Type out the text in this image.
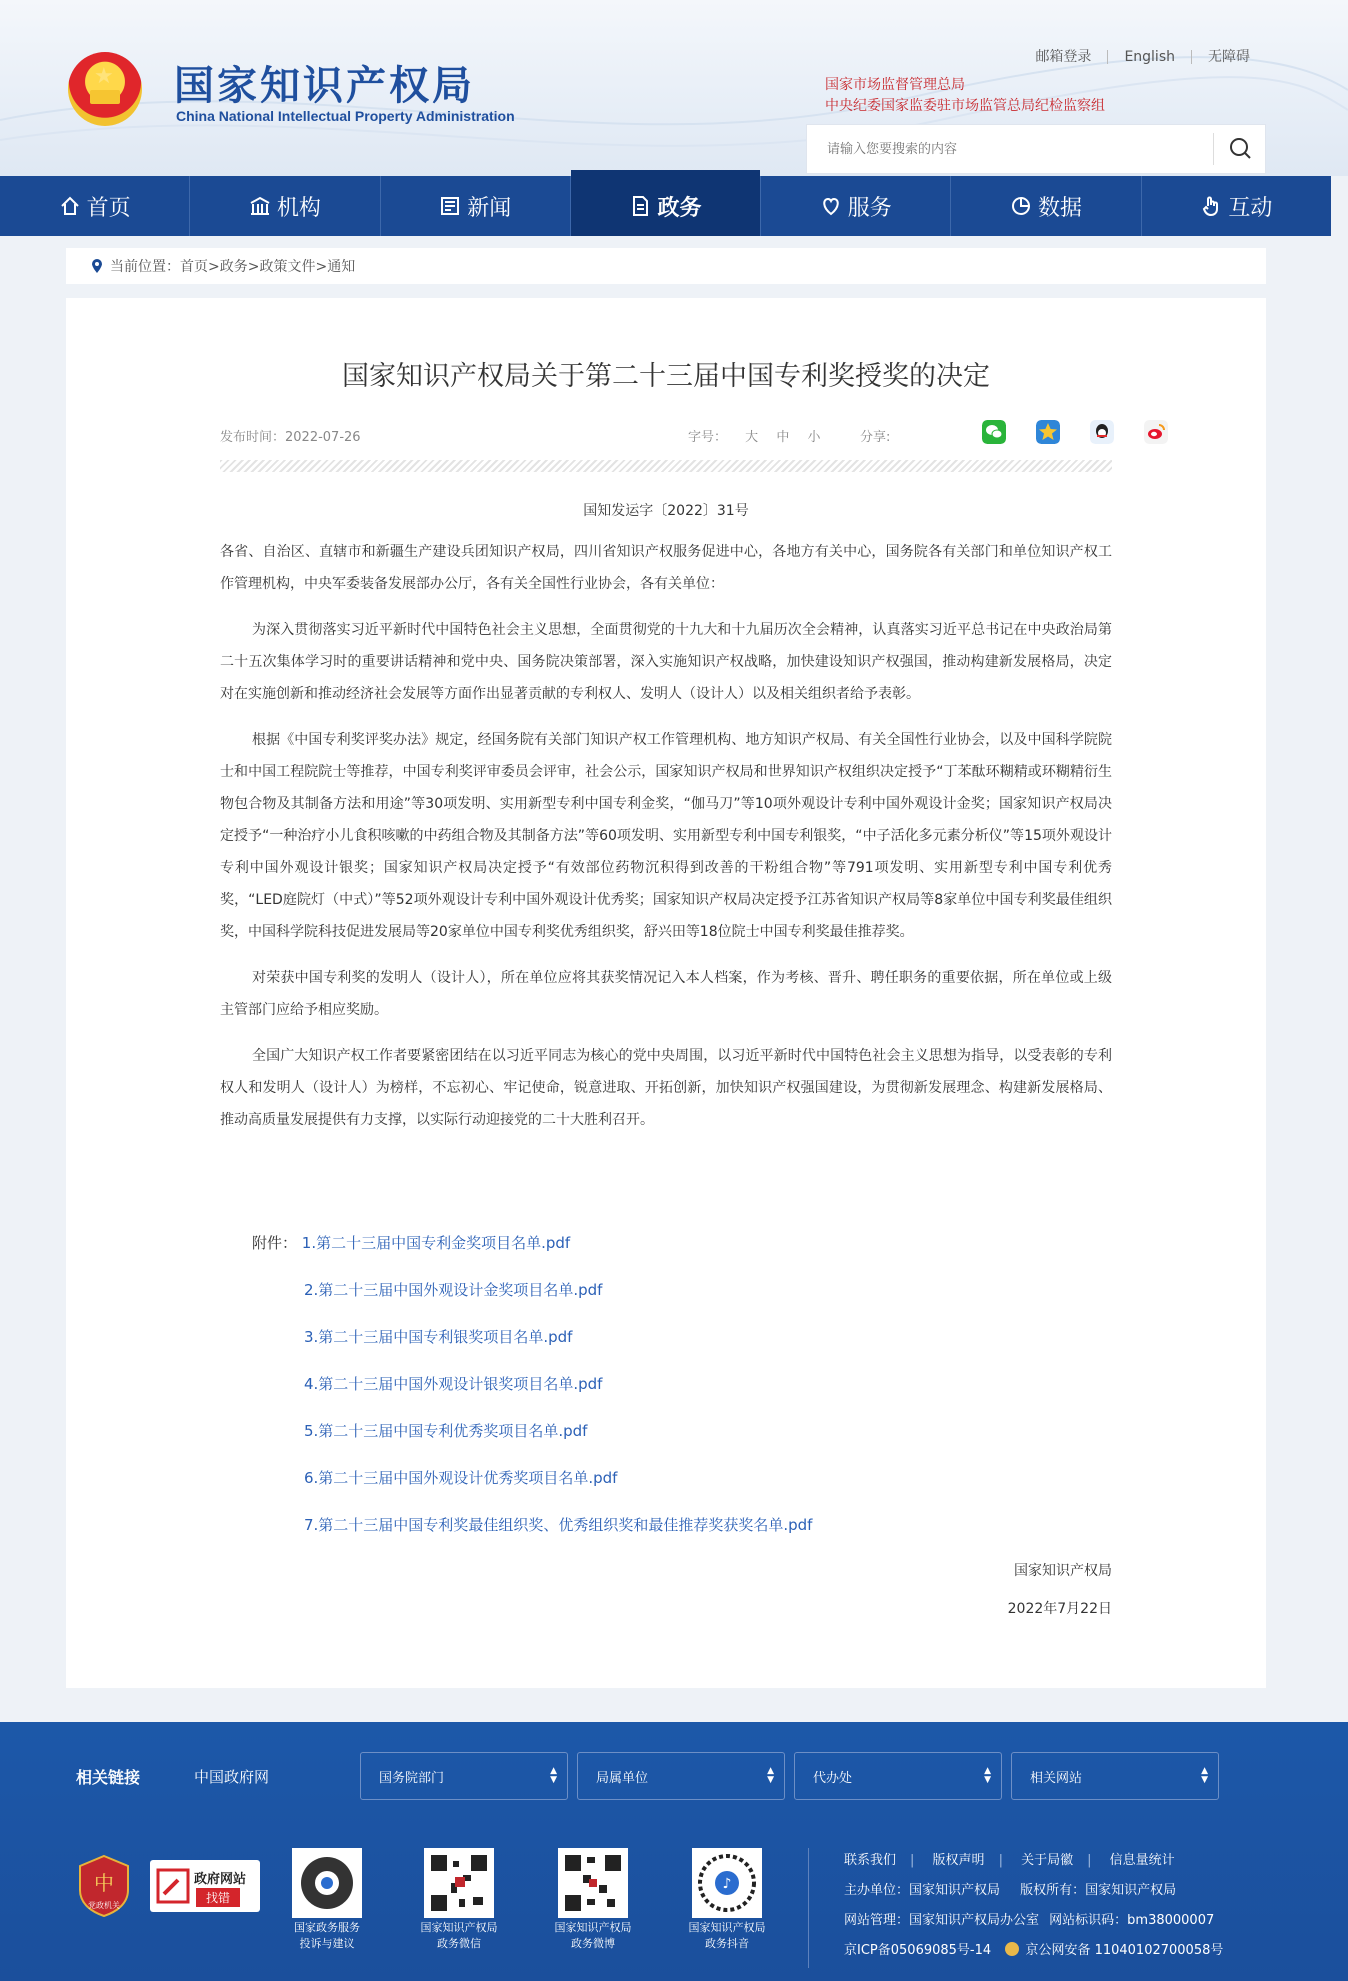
★ 国家知识产权局
China National Intellectual Property Administration
邮箱登录	English	无障碍
国家市场监督管理总局
中央纪委国家监委驻市场监管总局纪检监察组
请输入您要搜索的内容
首页	机构	新闻	政务	服务	数据	互动
当前位置： 首页>政务>政策文件>通知
国家知识产权局关于第二十三届中国专利奖授奖的决定
发布时间：2022-07-26	字号： 大 中 小	分享:
国知发运字〔2022〕31号

各省、自治区、直辖市和新疆生产建设兵团知识产权局，四川省知识产权服务促进中心，各地方有关中心，国务院各有关部门和单位知识产权工作管理机构，中央军委装备发展部办公厅，各有关全国性行业协会，各有关单位：

为深入贯彻落实习近平新时代中国特色社会主义思想，全面贯彻党的十九大和十九届历次全会精神，认真落实习近平总书记在中央政治局第二十五次集体学习时的重要讲话精神和党中央、国务院决策部署，深入实施知识产权战略，加快建设知识产权强国，推动构建新发展格局，决定对在实施创新和推动经济社会发展等方面作出显著贡献的专利权人、发明人（设计人）以及相关组织者给予表彰。

根据《中国专利奖评奖办法》规定，经国务院有关部门知识产权工作管理机构、地方知识产权局、有关全国性行业协会，以及中国科学院院士和中国工程院院士等推荐，中国专利奖评审委员会评审，社会公示，国家知识产权局和世界知识产权组织决定授予“丁苯酞环糊精或环糊精衍生物包合物及其制备方法和用途”等30项发明、实用新型专利中国专利金奖，“伽马刀”等10项外观设计专利中国外观设计金奖；国家知识产权局决定授予“一种治疗小儿食积咳嗽的中药组合物及其制备方法”等60项发明、实用新型专利中国专利银奖，“中子活化多元素分析仪”等15项外观设计专利中国外观设计银奖；国家知识产权局决定授予“有效部位药物沉积得到改善的干粉组合物”等791项发明、实用新型专利中国专利优秀奖，“LED庭院灯（中式）”等52项外观设计专利中国外观设计优秀奖；国家知识产权局决定授予江苏省知识产权局等8家单位中国专利奖最佳组织奖，中国科学院科技促进发展局等20家单位中国专利奖优秀组织奖，舒兴田等18位院士中国专利奖最佳推荐奖。

对荣获中国专利奖的发明人（设计人），所在单位应将其获奖情况记入本人档案，作为考核、晋升、聘任职务的重要依据，所在单位或上级主管部门应给予相应奖励。

全国广大知识产权工作者要紧密团结在以习近平同志为核心的党中央周围，以习近平新时代中国特色社会主义思想为指导，以受表彰的专利权人和发明人（设计人）为榜样，不忘初心、牢记使命，锐意进取、开拓创新，加快知识产权强国建设，为贯彻新发展理念、构建新发展格局、推动高质量发展提供有力支撑，以实际行动迎接党的二十大胜利召开。

附件： 1.第二十三届中国专利金奖项目名单.pdf
2.第二十三届中国外观设计金奖项目名单.pdf
3.第二十三届中国专利银奖项目名单.pdf
4.第二十三届中国外观设计银奖项目名单.pdf
5.第二十三届中国专利优秀奖项目名单.pdf
6.第二十三届中国外观设计优秀奖项目名单.pdf
7.第二十三届中国专利奖最佳组织奖、优秀组织奖和最佳推荐奖获奖名单.pdf
国家知识产权局
2022年7月22日
相关链接	中国政府网	国务院部门	▲
▼	局属单位	▲
▼	代办处	▲
▼	相关网站	▲
▼
中
党政机关
政府网站
找错
国家政务服务
投诉与建议
国家知识产权局
政务微信
国家知识产权局
政务微博
♪
国家知识产权局
政务抖音
联系我们 | 版权声明 | 关于局徽 | 信息量统计
主办单位：国家知识产权局 版权所有：国家知识产权局
网站管理：国家知识产权局办公室 网站标识码：bm38000007
京ICP备05069085号-14	京公网安备 11040102700058号
